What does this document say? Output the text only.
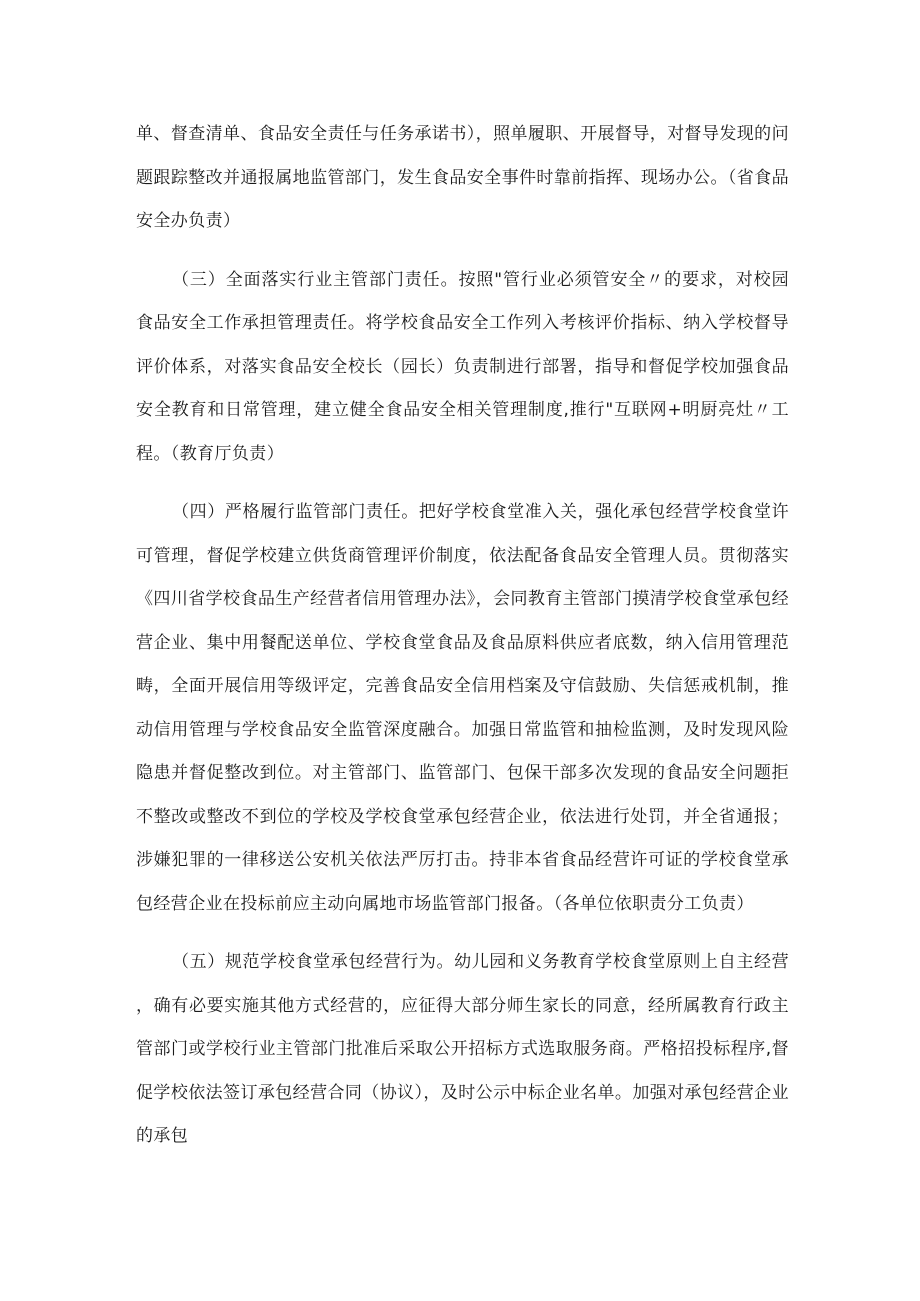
单、督查清单、食品安全责任与任务承诺书），照单履职、开展督导，对督导发现的问题跟踪整改并通报属地监管部门，发生食品安全事件时靠前指挥、现场办公。（省食品安全办负责）

（三）全面落实行业主管部门责任。按照"管行业必须管安全〃的要求，对校园食品安全工作承担管理责任。将学校食品安全工作列入考核评价指标、纳入学校督导评价体系，对落实食品安全校长（园长）负责制进行部署，指导和督促学校加强食品安全教育和日常管理，建立健全食品安全相关管理制度,推行"互联网+明厨亮灶〃工程。（教育厅负责）

（四）严格履行监管部门责任。把好学校食堂准入关，强化承包经营学校食堂许可管理，督促学校建立供货商管理评价制度，依法配备食品安全管理人员。贯彻落实《四川省学校食品生产经营者信用管理办法》，会同教育主管部门摸清学校食堂承包经营企业、集中用餐配送单位、学校食堂食品及食品原料供应者底数，纳入信用管理范畴，全面开展信用等级评定，完善食品安全信用档案及守信鼓励、失信惩戒机制，推动信用管理与学校食品安全监管深度融合。加强日常监管和抽检监测，及时发现风险隐患并督促整改到位。对主管部门、监管部门、包保干部多次发现的食品安全问题拒不整改或整改不到位的学校及学校食堂承包经营企业，依法进行处罚，并全省通报；涉嫌犯罪的一律移送公安机关依法严厉打击。持非本省食品经营许可证的学校食堂承包经营企业在投标前应主动向属地市场监管部门报备。（各单位依职责分工负责）

（五）规范学校食堂承包经营行为。幼儿园和义务教育学校食堂原则上自主经营，确有必要实施其他方式经营的，应征得大部分师生家长的同意，经所属教育行政主管部门或学校行业主管部门批准后采取公开招标方式选取服务商。严格招投标程序,督促学校依法签订承包经营合同（协议），及时公示中标企业名单。加强对承包经营企业的承包
